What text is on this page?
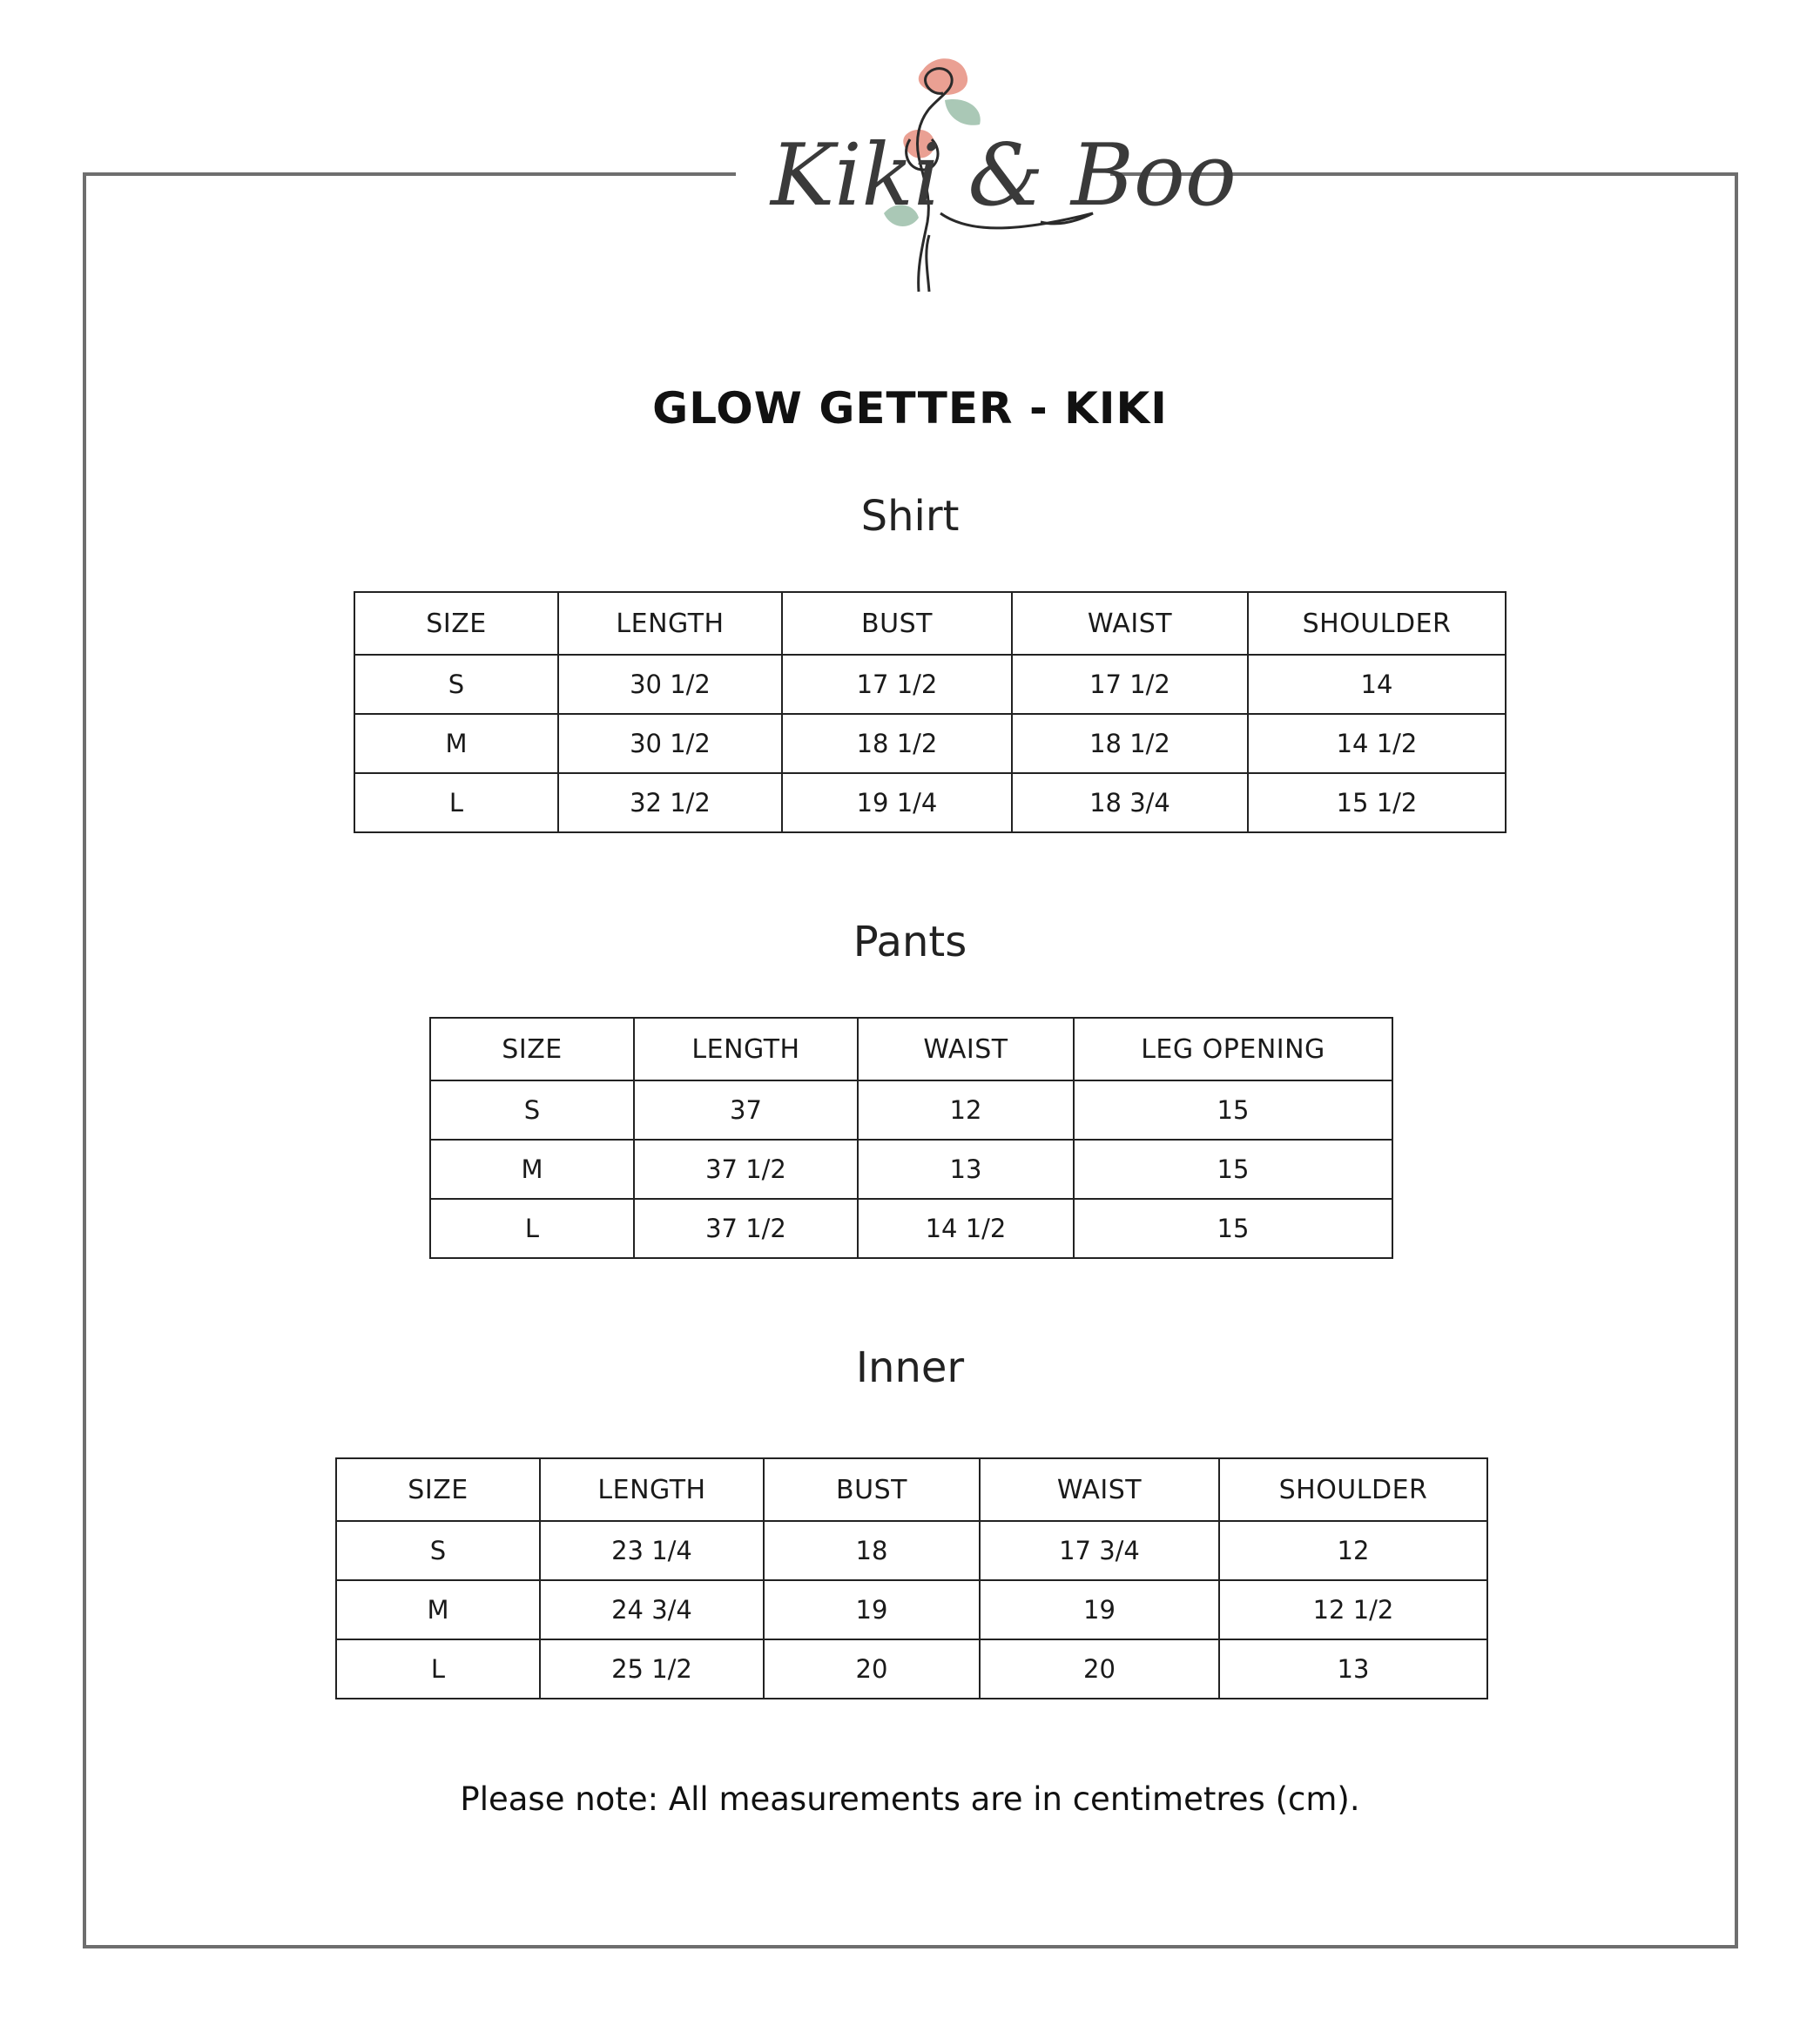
Kiki & Boo
GLOW GETTER - KIKI
Shirt
SIZE	LENGTH	BUST	WAIST	SHOULDER
S	30 1/2	17 1/2	17 1/2	14
M	30 1/2	18 1/2	18 1/2	14 1/2
L	32 1/2	19 1/4	18 3/4	15 1/2
Pants
SIZE	LENGTH	WAIST	LEG OPENING
S	37	12	15
M	37 1/2	13	15
L	37 1/2	14 1/2	15
Inner
SIZE	LENGTH	BUST	WAIST	SHOULDER
S	23 1/4	18	17 3/4	12
M	24 3/4	19	19	12 1/2
L	25 1/2	20	20	13
Please note: All measurements are in centimetres (cm).
